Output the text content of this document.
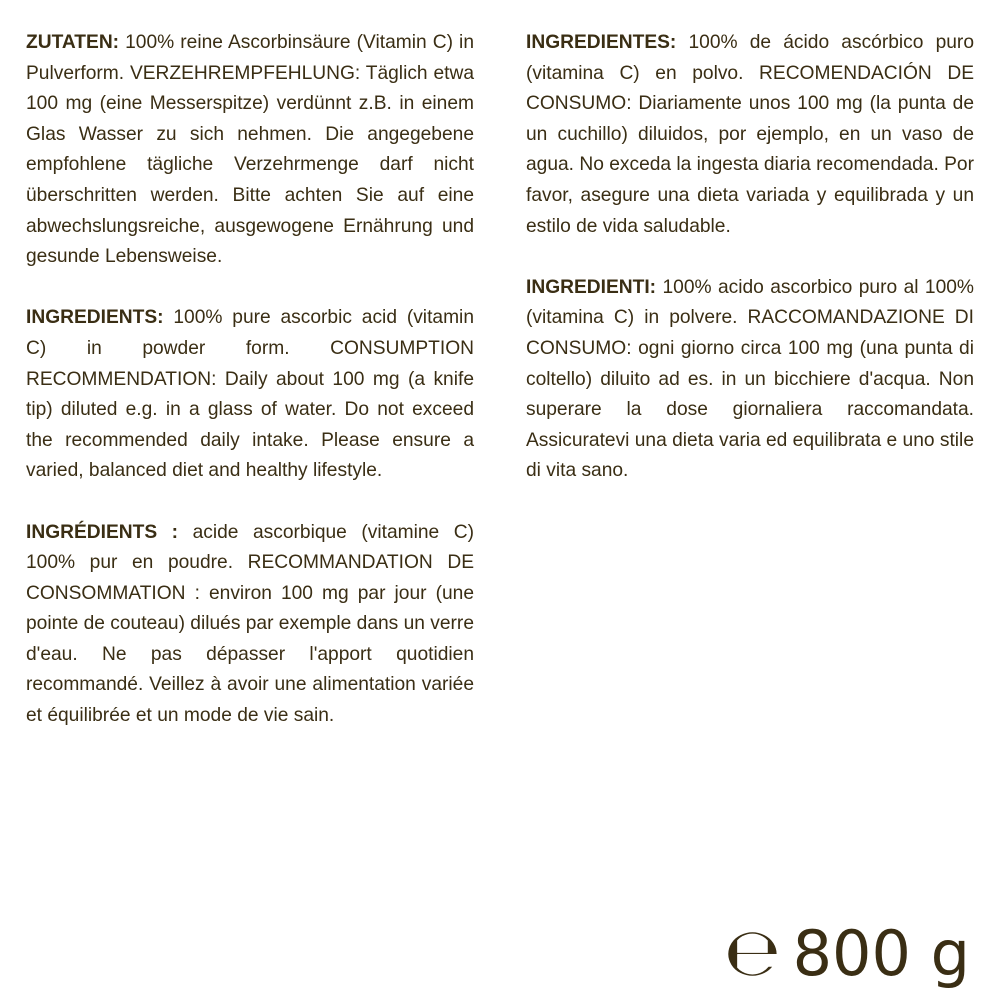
ZUTATEN: 100% reine Ascorbinsäure (Vitamin C) in Pulverform. VERZEHREMPFEHLUNG: Täglich etwa 100 mg (eine Messerspitze) verdünnt z.B. in einem Glas Wasser zu sich nehmen. Die angegebene empfohlene tägliche Verzehrmenge darf nicht überschritten werden. Bitte achten Sie auf eine abwechslungsreiche, ausgewogene Ernährung und gesunde Lebensweise.

INGREDIENTS: 100% pure ascorbic acid (vitamin C) in powder form. CONSUMPTION RECOMMENDATION: Daily about 100 mg (a knife tip) diluted e.g. in a glass of water. Do not exceed the recommended daily intake. Please ensure a varied, balanced diet and healthy lifestyle.

INGRÉDIENTS : acide ascorbique (vitamine C) 100% pur en poudre. RECOMMANDATION DE CONSOMMATION : environ 100 mg par jour (une pointe de couteau) dilués par exemple dans un verre d'eau. Ne pas dépasser l'apport quotidien recommandé. Veillez à avoir une alimentation variée et équilibrée et un mode de vie sain.

INGREDIENTES: 100% de ácido ascórbico puro (vitamina C) en polvo. RECOMENDACIÓN DE CONSUMO: Diariamente unos 100 mg (la punta de un cuchillo) diluidos, por ejemplo, en un vaso de agua. No exceda la ingesta diaria recomendada. Por favor, asegure una dieta variada y equilibrada y un estilo de vida saludable.

INGREDIENTI: 100% acido ascorbico puro al 100% (vitamina C) in polvere. RACCOMANDAZIONE DI CONSUMO: ogni giorno circa 100 mg (una punta di coltello) diluito ad es. in un bicchiere d'acqua. Non superare la dose giornaliera raccomandata. Assicuratevi una dieta varia ed equilibrata e uno stile di vita sano.

℮ 800 g
